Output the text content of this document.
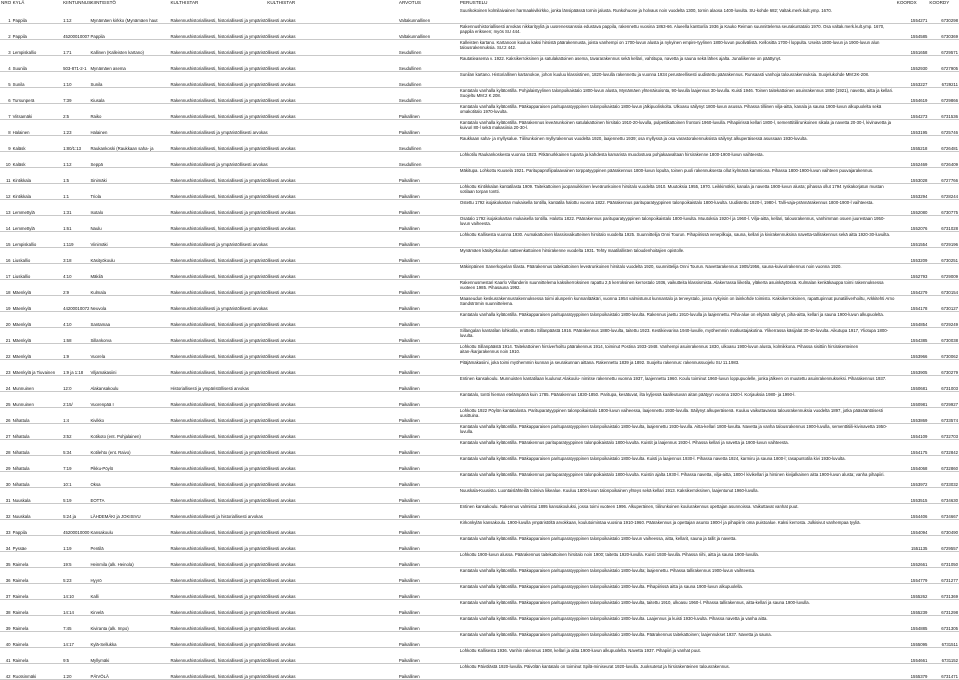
NRO	KYLÄ	KIINTUNNUS	KIINTEISTÖ	KULTHISTAR	KULTHISTAR	ARVOTUS	PERUSTELU	KOORDX	KOORDY
1	Pappila	1:12	Mynämäen kirkko (Mynämäen haut	Rakennushistoriallisesti, historiallisesti ja ympäristöllisesti arvokas		Valtakunnallinen	Suurikokoinen kolmilaivainen harmaakivikirkko, jonka länsipäässä tornin jalusta. Runkohuone ja holvaus noin vuodelta 1300, tornin alaosa 1400-luvulta. SU-kohde 682; Valtak.merk.kult.ymp. 1670.	1554271	6730298
2	Pappila	45200010007	Pappila	Rakennushistoriallisesti, historiallisesti ja ympäristöllisesti arvokas		Valtakunnallinen	Rakennushistoriallisesti arvokas nikkarityyliä ja uusrenessanssia edustava pappila, rakennettu vuosina 1863-66. Alueella kanttorila 1936 ja Kauko Reiman suunnittelema seurakuntatalo 1970. Osa valtak.merk.kult.ymp. 1670, pappila erikseen; myös SU 444.	1554585	6730369
3	Lempiskallio	1:71	Kallinen (Kalleisten kartano)	Rakennushistoriallisesti, historiallisesti ja ympäristöllisesti arvokas		Seudullinen	Kalleisten kartano. Kartanoon kuuluu kaksi hirsistä päärakennusta, joista vanhempi on 1700-luvun alusta ja nykyinen empire-tyylinen 1800-luvun puolivälistä. Kellositta 1700-l loppulta. Useita 1800-luvun ja 1900-luvun alun talousrakennuksia. SU:2 442.	1551658	6729571
4	Suunila	503-871-2-1	Mynämäen asema	Rakennushistoriallisesti, historiallisesti ja ympäristöllisesti arvokas		Seudullinen	Rautatieasema v. 1922. Kaksikerroksinen ja satulakattoinen asema, tavararakennus sekä kellari, vahtitupa, navetta ja sauna sekä lähes ajalta. Junaliikenne on päättynyt.	1552930	6727905
5	Sunila	1:10	Sunila	Rakennushistoriallisesti, historiallisesti ja ympäristöllisesti arvokas		Seudullinen	Sunilan kartano. Historiallinen kartanokoe, johon kuuluu klassistinen, 1820-luvulla rakennettu ja vuonna 1934 perusteellisesti uudistettu päärakennus. Runsaasti vanhoja talousrakennuksia. Suojelukohde MM:2K-208.	1553227	6729211
6	Tursunperä	7:39	Kiusala	Rakennushistoriallisesti, historiallisesti ja ympäristöllisesti arvokas		Seudullinen	Kantatalo vanhalla kylätontilla. Pohjalaistyylinen talonpoikaistalo 1800-luvun alusta, Mynämäen yhtenäisoisnta, 90-luvulla laajennus 30-luvulla. Kuisti 1946. Toinen taitekattoinen asuinrakennus 1850 (1921), navetta, aitta ja kellari. Suojeltu MM:2 K 208.	1554619	6729866
7	Viitsamäki	2:5	Raiko	Rakennushistoriallisesti, historiallisesti ja ympäristöllisesti arvokas		Paikallinen	Kantatalo vanhalla kylätontilla. Pääkapparaisen parituparatyyppinen talonpoikaistalo 1800-luvun jälkipuoliskolta. Ulkoasu säilynyt 1800-luvun asussa. Pihassa tilliinen vilja-aitta, kanala ja sauna 1900-luvun alkupuolelta sekä omakotitalo 1970-luvulta.	1554273	6731536
8	Halainen	1:23	Halainen	Rakennushistoriallisesti ja ympäristöllisesti arvokas		Paikallinen	Kantatalo vanhalla kylätontilla. Päärakennus leveärunkoinen satulakattoinen hirsitalo 1910-20-luvulla, pulpettikattoinen frontoni 1960-luvulla. Pihapiirissä kellari 1800-l, sementtitiilirunkoinen sikala ja navetta 20-30-l, kivinavetta ja kuivuri 80-l sekä makasiinia 20-30-l.	1553195	6725746
9	Kaläsk	1:80/1:13	Raukankoski (Raukkaan saha- ja	Rakennushistoriallisesti, historiallisesti ja ympäristöllisesti arvokas		Seudullinen	Raukkaan saha- ja myllysalue. Tiilirunkoinen myllyrakennus vuodelta 1920, laajennettu 1939; osa myllyssä ja osa varastorakennuksista säilynyt alkuperäisessä asussaan 1930-luvulta.	1555218	6726481
10	Kaläsk	1:12	Seppä	Rakennushistoriallisesti ja ympäristöllisesti arvokas		Seudullinen	Lohkotilu Raukankoskesta vuonna 1923. Pitkänurkkainen tuparta ja kahdesta kamarista muodostuva pohjakaavaltaan hirsirakenne 1800-1900-luvun vaihteesta.	1552469	6726409
11	Kintikkala	1:5	Sinimäki	Rakennushistoriallisesti, historiallisesti ja ympäristöllisesti arvokas		Paikallinen	Mäkitupa. Lohkottu Kuusela 1921. Paritupaprofiipalaavainen torppatyyppinen päärakennus 1800-luvun lopulta, toinen puoli rakennuksesta ollut kylmänä kammiona. Pihassa 1800-1900-luvun vaihteen puuvajarakennus.	1553028	6727766
12	Kintikkala	1:1	Triola	Rakennushistoriallisesti, historiallisesti ja ympäristöllisesti arvokas		Paikallinen	Lohkottu Kintikkalan kantatilasta 1909. Taitekattoinen juopanuikkinen leveärunkoinen hirsitalo vuodelta 1910. Muutoksia 1955, 1970. Leikkimökki, kanala ja navetta 1900-luvun alusta; pihassa ollut 1794 ryskakorjatun mustan sotilaan torpan tontti.	1553294	6728244
13	Lemmettylä	1:31	Isotalo	Rakennushistoriallisesti, historiallisesti ja ympäristöllisesti arvokas		Paikallinen	Ostettu 1792 isojakokartan mukaisella tontilla, kantatila halottu vuonna 1822. Päärakennus parituparatyyppinen talonpoikaistalo 1800-luvulta. Uudistettu 1920-l, 1980-l. Talli-vaja-prännärakennus 1800-1900-l vaihteesta.	1552080	6730775
14	Lemmettylä	1:61	Naulu	Rakennushistoriallisesti, historiallisesti ja ympäristöllisesti arvokas		Paikallinen	Osatalo 1792 isojakokartan mukaisella tontilla. Halottu 1822. Päärakennus parituparatyyppinen talonpoikaistalo 1800-luvulta. Muutoksia 1920-l ja 1960-l. Vilja-aitta, kellari, talousrakennus, vanhimman osuen juurestaan 1950-luvun vaiheesta.	1552076	6731028
15	Lempiskallio	1:119	Viinimäki	Rakennushistoriallisesti ja ympäristöllisesti arvokas		Paikallinen	Lohkottu Kallisesta vuonna 1930. Aumakattoinen klassisvaikutteinen hirsitalo vuodelta 1925. Suunnittelija Onni Tourun. Pihapiirissä venepilkuja, sauna, kellari ja kivirakennuksina navetta-tallirakennus sekä aitta 1920-30-luvuilta.	1551554	6729196
16	Liuskallio	3:18	Käsityökoulu	Rakennushistoriallisesti, historiallisesti ja ympäristöllisesti arvokas		Paikallinen	Mynämäen käsityökoulun satteenkattoinen hirsirakenne vuodelta 1931. Tehty maatilallisten taloudenhoitajien opistolle.	1553209	6730251
17	Liuskallio	4:10	Mäkilä	Rakennushistoriallisesti, historiallisesti ja ympäristöllisesti arvokas		Paikallinen	Mäkinpäinen Sanerkopelan tilasta. Päärakennus taitekattoinen leveärunkoinen hirsitalo vuodelta 1920, suunnittelija Onni Tourun. Navettarakennus 1905/1956, sauna-kuivurirakennus noin vuonna 1920.	1552793	6729009
18	Mäenkylä	2:9	Kulmala	Rakennushistoriallisesti, historiallisesti ja ympäristöllisesti arvokas		Paikallinen	Rakennusmestari Kaarlo Villanderin suunnittelema kaksikerroksinen rapattu 2,5 kerroksinen kerrostalo 1936, vaikutteita klassismista. Alakerrassa liiketila, yläkerta asuinkäytössä. Kulmalan kenkäkauppa toimi rakennuksessa vuoteen 1985. Pihasauna 1992.	1554279	6730154
19	Mäenkylä	44200010072	Neuvola	Rakennushistoriallisesti ja ympäristöllisesti arvokas		Paikallinen	Maaseudun keskusrakennusrakennuksessa toimi alunperin kunnanlääkäri, vuonna 1954 valmistunut kunnantalo ja terveystalo, jossa nykyisin on lainkohde toimisto. Kaksikerroksinen, rapattupinnat punatiiliverhoiltu, Arkkitehti Arno Sandströmin suunnittelema.	1554178	6730127
20	Mäenkylä	4:10	Santamaa	Rakennushistoriallisesti, historiallisesti ja ympäristöllisesti arvokas		Paikallinen	Kantatalo vanhalla kylätontilla. Pääkapparaisen parituparatyyppinen talonpoikaistalo 1800-luvulta. Rakennus jaettu 1910-luvulla ja laajennettu. Piha-alue on ehjänä säilynyt, piha-aitta, kellari ja sauna 1900-luvun alkupuolelta.	1554854	6729249
21	Mäenkylä	1:68	Sillankorva	Rakennushistoriallisesti, historiallisesti ja ympäristöllisesti arvokas		Paikallinen	Sillangalan kantatilan lohkotila, erottettu Sillanpäästä 1916. Päärakennus 1880-luvulta, taitettu 1923. Kestikievarina 1940-luvulle, myöhemmin matkustajakotina. Ylikerrassa käsijalat 30-40-luvulta. Aikutupa 1917, Yliotupa 1800-luvulta.	1554385	6730038
22	Mäenkylä	1:9	Vuorela	Rakennushistoriallisesti, historiallisesti ja ympäristöllisesti arvokas		Paikallinen	Lohkottu Sillanpäästä 1914. Taitekattoinen hirsiverhoiltu päärakennus 1914, toiminut Postina 1933-1948. Vanhempi asuinrakennus 1830, ulkoasu 1900-luvun alusta, kolmikkona. Pihassa sisittiin hirsirakenteinen aitan-/karjarakennus noin 1910.	1553966	6730062
23	Mäenkylä ja Tiuvainen	1:9 ja 1:18	Viljamakasiini	Rakennushistoriallisesti, historiallisesti ja ympäristöllisesti arvokas		Paikallinen	Pitäjämakasiini, joka toimi myöhemmin kunnan ja seurakunnan aittana. Rakennettu 1839 ja 1892. Suojeltu rakennus: rakennussuojelu SU 11.1983.	1553905	6730279
24	Munnuinen	12:0	Alakansakoulu	Historiallisesti ja ympäristöllisesti arvokas		Paikallinen	Entinen kansakoulu. Munnuisten kantatilaan kuulunut Alakoulu- nimitse rakennettu vuonna 1937, laajennettu 1960. Koulu toiminut 1960-luvun loppupuolelle, jonka jälkeen on muutettu asuinrakennukseksi. Piharakennus 1937.	1550681	6731003
25	Munnuinen	2:15/	Vuorenpää I	Rakennushistoriallisesti, historiallisesti ja ympäristöllisesti arvokas		Paikallinen	Kantatalo, tontti hieman etelämpänä kuin 1785. Päärakennus 1830-1850. Paritupa, kesätuvat, ilta kyljessä kaalleutuvan aitan päätyyn vuonna 1920-l. Korjauksia 1980- ja 1990-l.	1550981	6729927
26	Nihattula	1:4	Kivikko	Rakennushistoriallisesti, historiallisesti ja ympäristöllisesti arvokas		Paikallinen	Lohkottu 1922 Pöylön kantatalosta. Parituparatyyppinen talonpoikaistalo 1800-luvun vaiheessa, laajennettu 1930-luvulla. Säilynyt alkuperäisenä. Kuuluu vaikuttavassa talousrakennuksia vuodelta 1897, jotka pääsääntöisesti uusittuina.	1553869	6733574
27	Nihattula	3:52	Kotikoto (ent. Pohjalainen)	Rakennushistoriallisesti, historiallisesti ja ympäristöllisesti arvokas		Paikallinen	Kantatalo vanhalla kylätontilla. Pääkapparaisen parituparatyyppinen talonpoikaistalo 1800-luvulta, laajennettu 1930-luvulla. Aitta-kellari 1800-luvulta. Navetta ja vanha talousrakennus 1900-luvulla, sementtitiili-kivinavetta 1950-luvulla.	1554109	6732703
28	Nihattula	5:34	Kotilehto (ent. Raivo)	Rakennushistoriallisesti, historiallisesti ja ympäristöllisesti arvokas		Paikallinen	Kantatalo vanhalla kylätontilla. Päärakennus parituparatyyppinen talonpoikaistalo 1800-luvulta. Kuistit ja laajennus 1930-l. Pihassa kellari ja navetta ja 1900-luvun vaihteesta.	1554175	6732842
29	Nihattula	7:19	Pikku-Pöylö	Rakennushistoriallisesti, historiallisesti ja ympäristöllisesti arvokas		Paikallinen	Kantatalo vanhalla kylätontilla. Pääkapparaisen parituparatyyppinen talonpoikaistalo 1800-luvulta. Kuisti ja laajennus 1930-l. Pihassa navetta 1924, karmiru ja sauna 1800-l; rasapuntotila kivi 1930-luvulta.	1554068	6732860
30	Nihattula	10:1	Oksa	Rakennushistoriallisesti, historiallisesti ja ympäristöllisesti arvokas		Paikallinen	Kantatalo vanhalla kylätontilla. Päärakennus parituparatyyppinen talonpoikaistalo 1800-luvulta. Kuistin ajalta 1930-l. Pihassa navetta, vilja-aitta, 1800-l kivikellari ja hirsinen kivijalkainen aitta 1900-luvun alusta; vanha pihapiiri.	1553972	6733032
31	Nuuskala	5:19	EOTTA	Rakennushistoriallisesti, historiallisesti ja ympäristöllisesti arvokas		Paikallinen	Nuuskala-Kuusisto. Luontaislähteillä toimiva liikealue. Kuuluu 1800-luvun talonpoikainen yhteys sekä kellari 1913. Kaksikerroksinen, laajentunut 1960-luvulla.	1553515	6734630
32	Nuuskala	5:24 ja	LÄHDEMÄKI ja JOKISIVU	Rakennushistoriallisesti ja historiallisesti arvokas		Paikallinen	Entinen kansakoulu. Rakennus valmistui 1895 kansakouluksi, jossa toimi vuoteen 1996. Alkuperäinen, tiilirunkoinen koulurakennus opettajan asunnoissa. Vaikuttavat vanhat puut.	1554406	6734667
33	Pappila	45200010000	Kansakoulu	Rakennushistoriallisesti, historiallisesti ja ympäristöllisesti arvokas		Paikallinen	Kirkonkylän kansakoulu. 1900-luvulla ympäristöltä arvokkaan, koulutoimintaa vuosina 1910-1960. Päärakennus ja opettajan asunto 1900-l ja pihapiirin oma puistoalue. Kaksi kerrosta. Julkisivut vanhempaa tyyliä.	1554094	6730490
34	Pyssäe	1:19	Pentilä	Rakennushistoriallisesti, historiallisesti ja ympäristöllisesti arvokas		Paikallinen	Kantatalo vanhalla kylätontilla. Pääkapparaisen parituparatyyppinen talonpoikaistalo 1800-luvun vaiheessa, aitta, kellarit, sauna ja tallit ja navetta.	1551135	6729557
35	Raimela	19:5	Heinmila (alk. Heinola)	Rakennushistoriallisesti, historiallisesti ja ympäristöllisesti arvokas		Paikallinen	Lohkottu 1900-luvun alussa. Päärakennus taitekattoinen hirsitalo noin 1900; taitettu 1920-luvulla. Kuisti 1930-luvulla. Pihassa riihi, aitta ja sauna 1900-luvulla.	1552661	6731050
36	Raimela	5:23	Hyyrö	Rakennushistoriallisesti, historiallisesti ja ympäristöllisesti arvokas		Paikallinen	Kantatalo vanhalla kylätontilla. Pääkapparaisen parituparatyyppinen talonpoikaistalo 1800-luvulta; laajennettu. Pihassa tallirakennus 1900-luvun vaihteesta.	1554779	6731277
37	Raimela	14:10	Kalli	Rakennushistoriallisesti, historiallisesti ja ympäristöllisesti arvokas		Paikallinen	Kantatalo vanhalla kylätontilla. Pääkapparaisen parituparatyyppinen talonpoikaistalo 1800-luvulta. Pihapiirissä aitta ja sauna 1900-luvun alkupuolella.	1555262	6731369
38	Raimela	14:14	Kirvelä	Rakennushistoriallisesti, historiallisesti ja ympäristöllisesti arvokas		Paikallinen	Kantatalo vanhalla kylätontilla. Pääkapparaisen parituparatyyppinen talonpoikaistalo 1800-luvulta, taitettu 1910, ulkoasu 1960-l. Pihassa tallirakennus, aitta-kellari ja sauna 1900-luvulla.	1555239	6731298
39	Raimela	7:45	Kiviranta (alk. Impo)	Rakennushistoriallisesti, historiallisesti ja ympäristöllisesti arvokas		Paikallinen	Kantatalo vanhalla kylätontilla. Pääkapparaisen parituparatyyppinen talonpoikaistalo 1800-luvulta. Laajennus ja kuisti 1930-luvulta. Pihassa navetta ja vanha aitta.	1554885	6731305
40	Raimela	14:17	Kylä-Sellukka	Rakennushistoriallisesti, historiallisesti ja ympäristöllisesti arvokas		Paikallinen	Kantatalo vanhalla kylätontilla. Pääkapparaisen parituparatyyppinen talonpoikaistalo 1800-luvulta. Päärakennus taitekattoinen; laajennukset 1937. Navetta ja sauna.	1555095	6731511
41	Raimela	9:5	Myllymäki	Rakennushistoriallisesti, historiallisesti ja ympäristöllisesti arvokas		Paikallinen	Lohkottu Kallisesta 1936. Vanhin rakennus 1908, kellari ja aitta 1900-luvun alkupuolelta. Navetta 1937. Pihapiiri ja vanhat puut.	1554661	6731152
42	Ruotsinmäki	1:20	PÄIVÖLÄ	Rakennushistoriallisesti, historiallisesti ja ympäristöllisesti arvokas		Paikallinen	Lohkottu Päivölästä 1920-luvulla. Päivölän kantatalo on toiminut Spilä-miniseurat 1920-luvulla. Juoksutetut ja hirsirakenteinen talousrakennus.	1555379	6731471
